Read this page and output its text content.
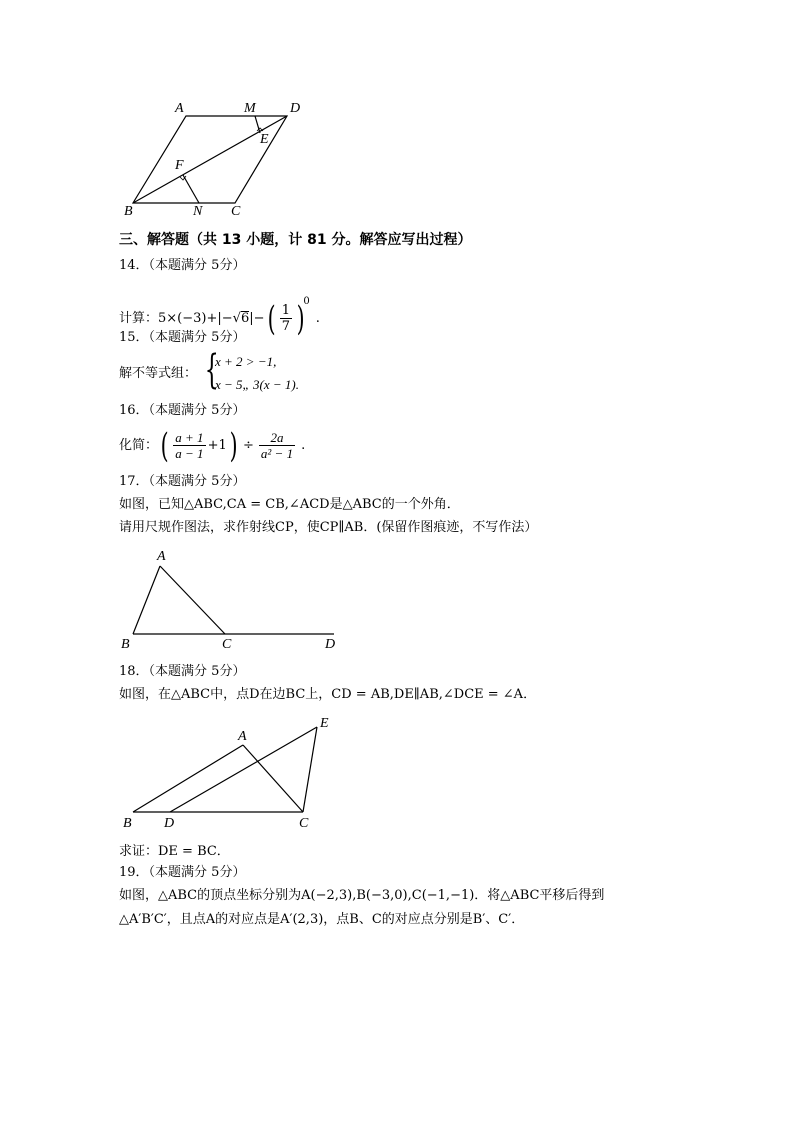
A	M D
E
F
B	N C
三、解答题（共 13 小题，计 81 分。解答应写出过程）
14．（本题满分 5分）
计算：$5\times(-3)+|-√6|-( \frac{1}{7} )^0$.
15．（本题满分 5分）
解不等式组： {
x + 2 > −1,
x − 5„ 3(x − 1).
16．（本题满分 5分）
化简：( $\frac{a + 1}{a - 1} +1) \div \frac{2a}{\text{a² − 1}}$ .
17．（本题满分 5分）
如图，已知△ABC,CA = CB,∠ACD是△ABC的一个外角．
请用尺规作图法，求作射线CP，使CP∥AB．(保留作图痕迹，不写作法）
A
B	C	D
18．（本题满分 5分）
如图，在△ABC中，点D在边BC上，CD = AB,DE∥AB,∠DCE = ∠A．
A
E
B D	C
求证：DE = BC．
19．（本题满分 5分）
如图，△ABC的顶点坐标分别为A(−2,3),B(−3,0),C(−1,−1)．将△ABC平移后得到
△A′B′C′，且点A的对应点是A′(2,3)，点B、C的对应点分别是B′、C′．
